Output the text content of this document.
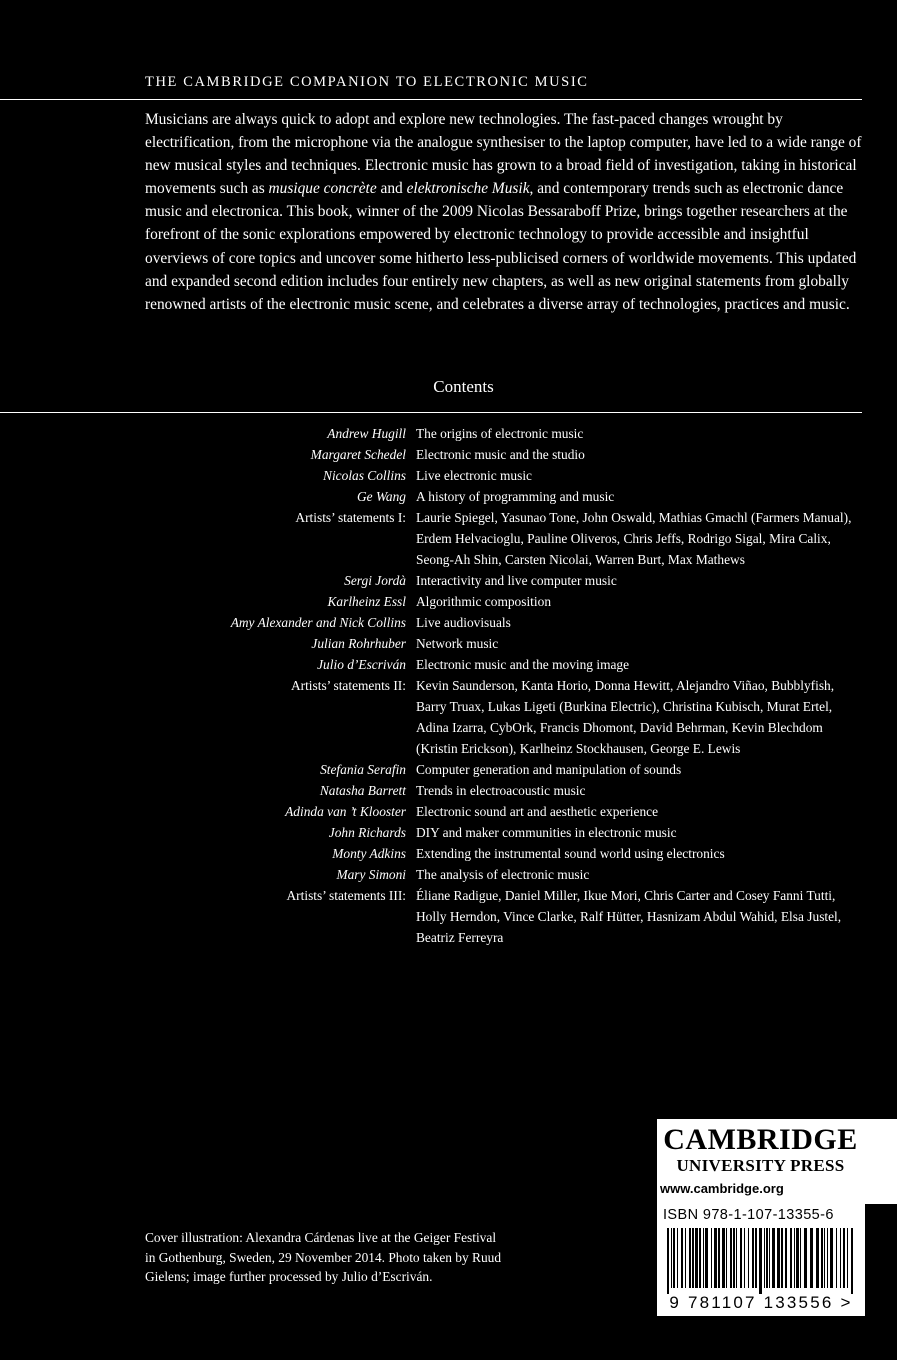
THE CAMBRIDGE COMPANION TO ELECTRONIC MUSIC

Musicians are always quick to adopt and explore new technologies. The fast-paced changes wrought by electrification, from the microphone via the analogue synthesiser to the laptop computer, have led to a wide range of new musical styles and techniques. Electronic music has grown to a broad field of investigation, taking in historical movements such as musique concrète and elektronische Musik, and contemporary trends such as electronic dance music and electronica. This book, winner of the 2009 Nicolas Bessaraboff Prize, brings together researchers at the forefront of the sonic explorations empowered by electronic technology to provide accessible and insightful overviews of core topics and uncover some hitherto less-publicised corners of worldwide movements. This updated and expanded second edition includes four entirely new chapters, as well as new original statements from globally renowned artists of the electronic music scene, and celebrates a diverse array of technologies, practices and music.

Contents
Andrew Hugill The origins of electronic music
Margaret Schedel Electronic music and the studio
Nicolas Collins Live electronic music
Ge Wang A history of programming and music
Artists’ statements I: Laurie Spiegel, Yasunao Tone, John Oswald, Mathias Gmachl (Farmers Manual), Erdem Helvacioglu, Pauline Oliveros, Chris Jeffs, Rodrigo Sigal, Mira Calix, Seong-Ah Shin, Carsten Nicolai, Warren Burt, Max Mathews
Sergi Jordà Interactivity and live computer music
Karlheinz Essl Algorithmic composition
Amy Alexander and Nick Collins Live audiovisuals
Julian Rohrhuber Network music
Julio d’Escriván Electronic music and the moving image
Artists’ statements II: Kevin Saunderson, Kanta Horio, Donna Hewitt, Alejandro Viñao, Bubblyfish, Barry Truax, Lukas Ligeti (Burkina Electric), Christina Kubisch, Murat Ertel, Adina Izarra, CybOrk, Francis Dhomont, David Behrman, Kevin Blechdom (Kristin Erickson), Karlheinz Stockhausen, George E. Lewis
Stefania Serafin Computer generation and manipulation of sounds
Natasha Barrett Trends in electroacoustic music
Adinda van ’t Klooster Electronic sound art and aesthetic experience
John Richards DIY and maker communities in electronic music
Monty Adkins Extending the instrumental sound world using electronics
Mary Simoni The analysis of electronic music
Artists’ statements III: Éliane Radigue, Daniel Miller, Ikue Mori, Chris Carter and Cosey Fanni Tutti, Holly Herndon, Vince Clarke, Ralf Hütter, Hasnizam Abdul Wahid, Elsa Justel, Beatriz Ferreyra

Cover illustration: Alexandra Cárdenas live at the Geiger Festival in Gothenburg, Sweden, 29 November 2014. Photo taken by Ruud Gielens; image further processed by Julio d’Escriván.

CAMBRIDGE
UNIVERSITY PRESS
www.cambridge.org
ISBN 978-1-107-13355-6
9 781107 133556 >
